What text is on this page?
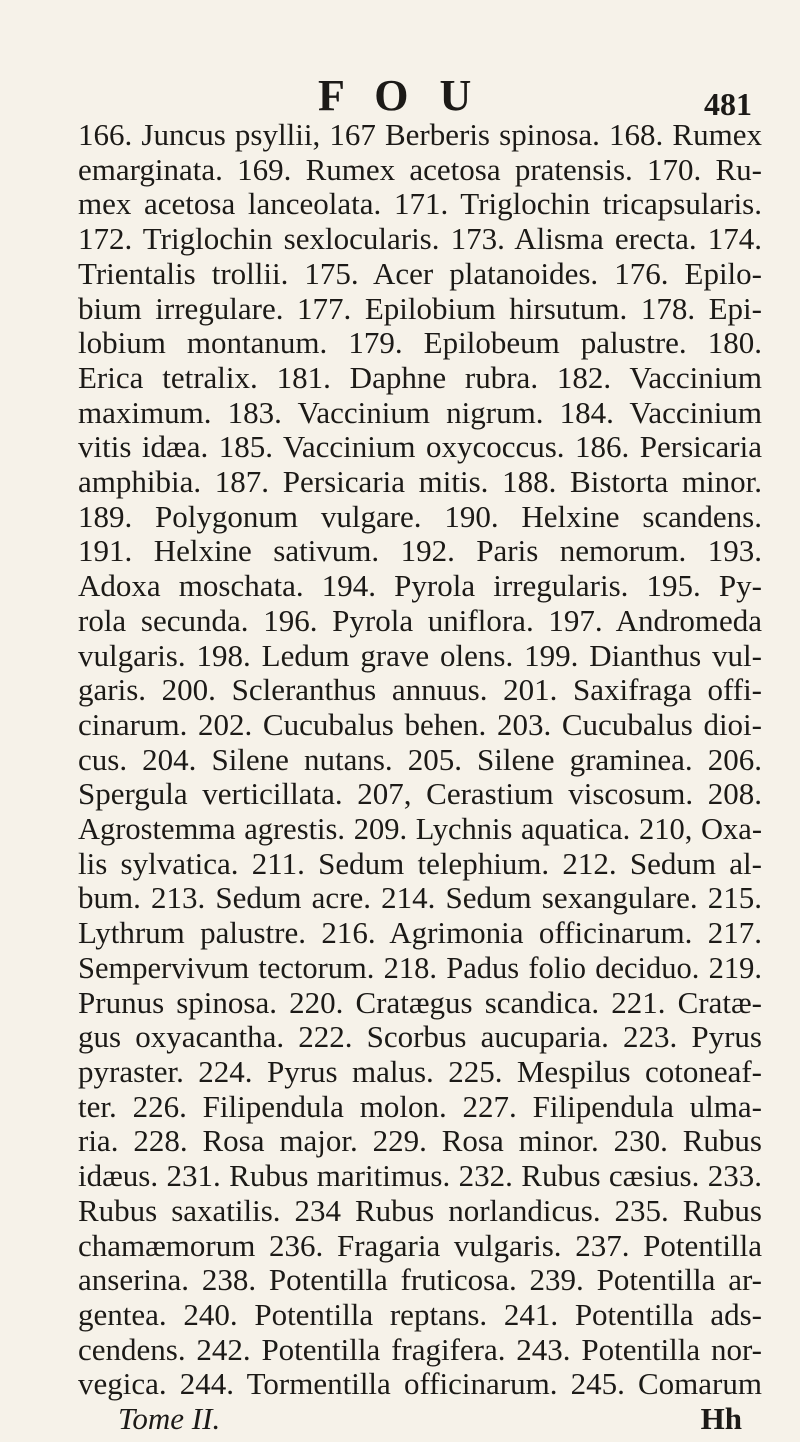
F O U	481
166. Juncus psyllii, 167 Berberis spinosa. 168. Rumex
emarginata. 169. Rumex acetosa pratensis. 170. Ru-
mex acetosa lanceolata. 171. Triglochin tricapsularis.
172. Triglochin sexlocularis. 173. Alisma erecta. 174.
Trientalis trollii. 175. Acer platanoides. 176. Epilo-
bium irregulare. 177. Epilobium hirsutum. 178. Epi-
lobium montanum. 179. Epilobeum palustre. 180.
Erica tetralix. 181. Daphne rubra. 182. Vaccinium
maximum. 183. Vaccinium nigrum. 184. Vaccinium
vitis idæa. 185. Vaccinium oxycoccus. 186. Persicaria
amphibia. 187. Persicaria mitis. 188. Bistorta minor.
189. Polygonum vulgare. 190. Helxine scandens.
191. Helxine sativum. 192. Paris nemorum. 193.
Adoxa moschata. 194. Pyrola irregularis. 195. Py-
rola secunda. 196. Pyrola uniflora. 197. Andromeda
vulgaris. 198. Ledum grave olens. 199. Dianthus vul-
garis. 200. Scleranthus annuus. 201. Saxifraga offi-
cinarum. 202. Cucubalus behen. 203. Cucubalus dioi-
cus. 204. Silene nutans. 205. Silene graminea. 206.
Spergula verticillata. 207, Cerastium viscosum. 208.
Agrostemma agrestis. 209. Lychnis aquatica. 210, Oxa-
lis sylvatica. 211. Sedum telephium. 212. Sedum al-
bum. 213. Sedum acre. 214. Sedum sexangulare. 215.
Lythrum palustre. 216. Agrimonia officinarum. 217.
Sempervivum tectorum. 218. Padus folio deciduo. 219.
Prunus spinosa. 220. Cratægus scandica. 221. Cratæ-
gus oxyacantha. 222. Scorbus aucuparia. 223. Pyrus
pyraster. 224. Pyrus malus. 225. Mespilus cotoneaf-
ter. 226. Filipendula molon. 227. Filipendula ulma-
ria. 228. Rosa major. 229. Rosa minor. 230. Rubus
idæus. 231. Rubus maritimus. 232. Rubus cæsius. 233.
Rubus saxatilis. 234 Rubus norlandicus. 235. Rubus
chamæmorum 236. Fragaria vulgaris. 237. Potentilla
anserina. 238. Potentilla fruticosa. 239. Potentilla ar-
gentea. 240. Potentilla reptans. 241. Potentilla ads-
cendens. 242. Potentilla fragifera. 243. Potentilla nor-
vegica. 244. Tormentilla officinarum. 245. Comarum
Tome II.	Hh
